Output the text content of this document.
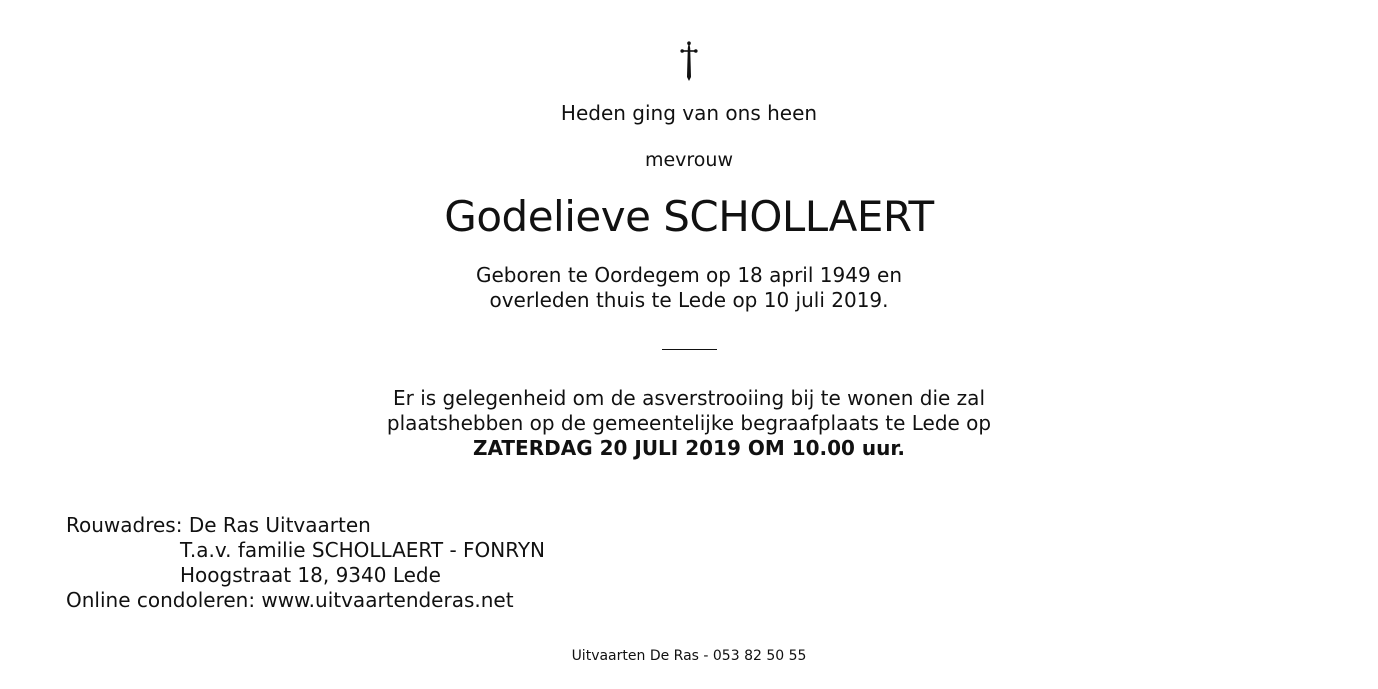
Heden ging van ons heen
mevrouw
Godelieve SCHOLLAERT
Geboren te Oordegem op 18 april 1949 en
overleden thuis te Lede op 10 juli 2019.
Er is gelegenheid om de asverstrooiing bij te wonen die zal
plaatshebben op de gemeentelijke begraafplaats te Lede op
ZATERDAG 20 JULI 2019 OM 10.00 uur.
Rouwadres: De Ras Uitvaarten
T.a.v. familie SCHOLLAERT - FONRYN
Hoogstraat 18, 9340 Lede
Online condoleren: www.uitvaartenderas.net
Uitvaarten De Ras - 053 82 50 55
